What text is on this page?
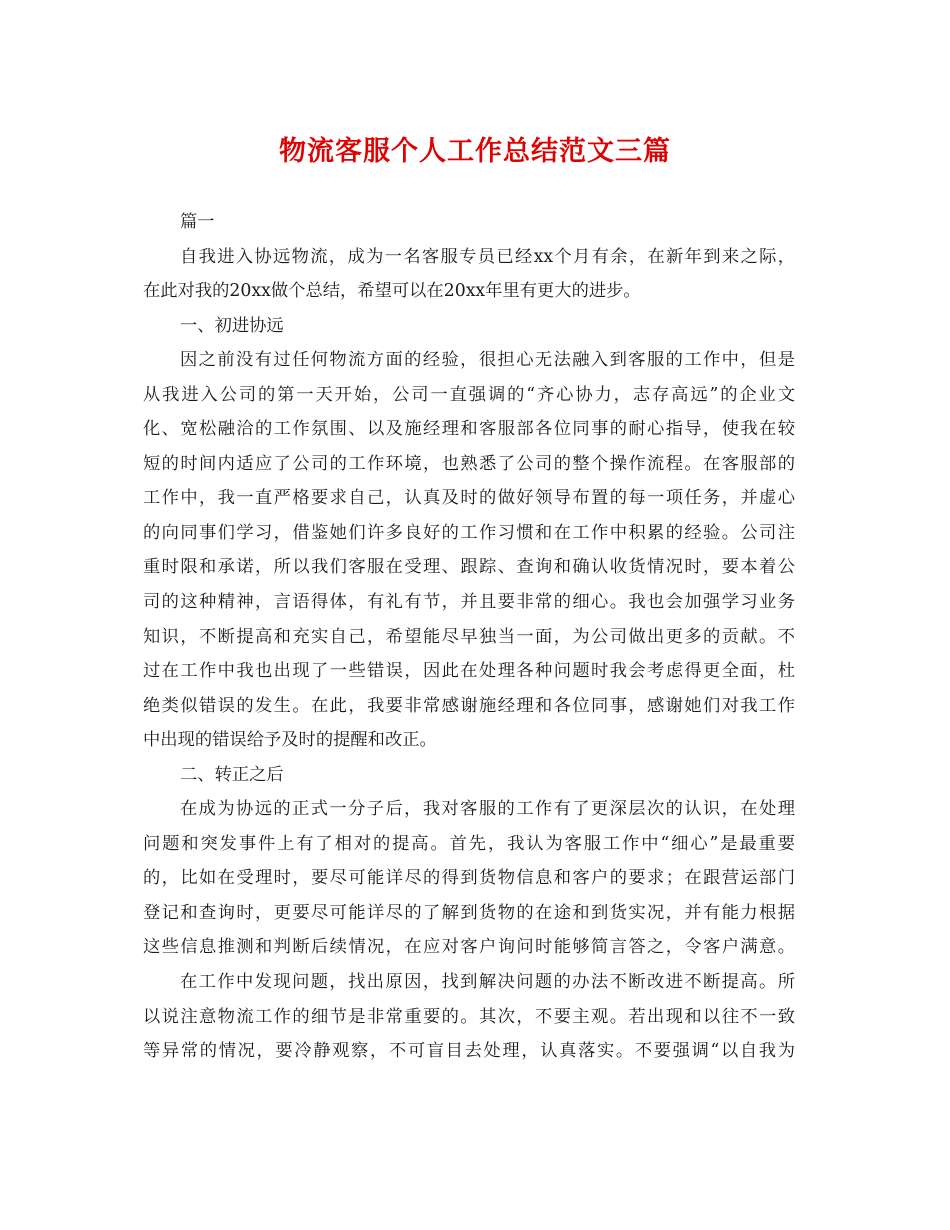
物流客服个人工作总结范文三篇
篇一
自我进入协远物流，成为一名客服专员已经xx个月有余，在新年到来之际，
在此对我的20xx做个总结，希望可以在20xx年里有更大的进步。
一、初进协远
因之前没有过任何物流方面的经验，很担心无法融入到客服的工作中，但是
从我进入公司的第一天开始，公司一直强调的“齐心协力，志存高远”的企业文
化、宽松融洽的工作氛围、以及施经理和客服部各位同事的耐心指导，使我在较
短的时间内适应了公司的工作环境，也熟悉了公司的整个操作流程。在客服部的
工作中，我一直严格要求自己，认真及时的做好领导布置的每一项任务，并虚心
的向同事们学习，借鉴她们许多良好的工作习惯和在工作中积累的经验。公司注
重时限和承诺，所以我们客服在受理、跟踪、查询和确认收货情况时，要本着公
司的这种精神，言语得体，有礼有节，并且要非常的细心。我也会加强学习业务
知识，不断提高和充实自己，希望能尽早独当一面，为公司做出更多的贡献。不
过在工作中我也出现了一些错误，因此在处理各种问题时我会考虑得更全面，杜
绝类似错误的发生。在此，我要非常感谢施经理和各位同事，感谢她们对我工作
中出现的错误给予及时的提醒和改正。
二、转正之后
在成为协远的正式一分子后，我对客服的工作有了更深层次的认识，在处理
问题和突发事件上有了相对的提高。首先，我认为客服工作中“细心”是最重要
的，比如在受理时，要尽可能详尽的得到货物信息和客户的要求；在跟营运部门
登记和查询时，更要尽可能详尽的了解到货物的在途和到货实况，并有能力根据
这些信息推测和判断后续情况，在应对客户询问时能够简言答之，令客户满意。
在工作中发现问题，找出原因，找到解决问题的办法不断改进不断提高。所
以说注意物流工作的细节是非常重要的。其次，不要主观。若出现和以往不一致
等异常的情况，要冷静观察，不可盲目去处理，认真落实。不要强调“以自我为
